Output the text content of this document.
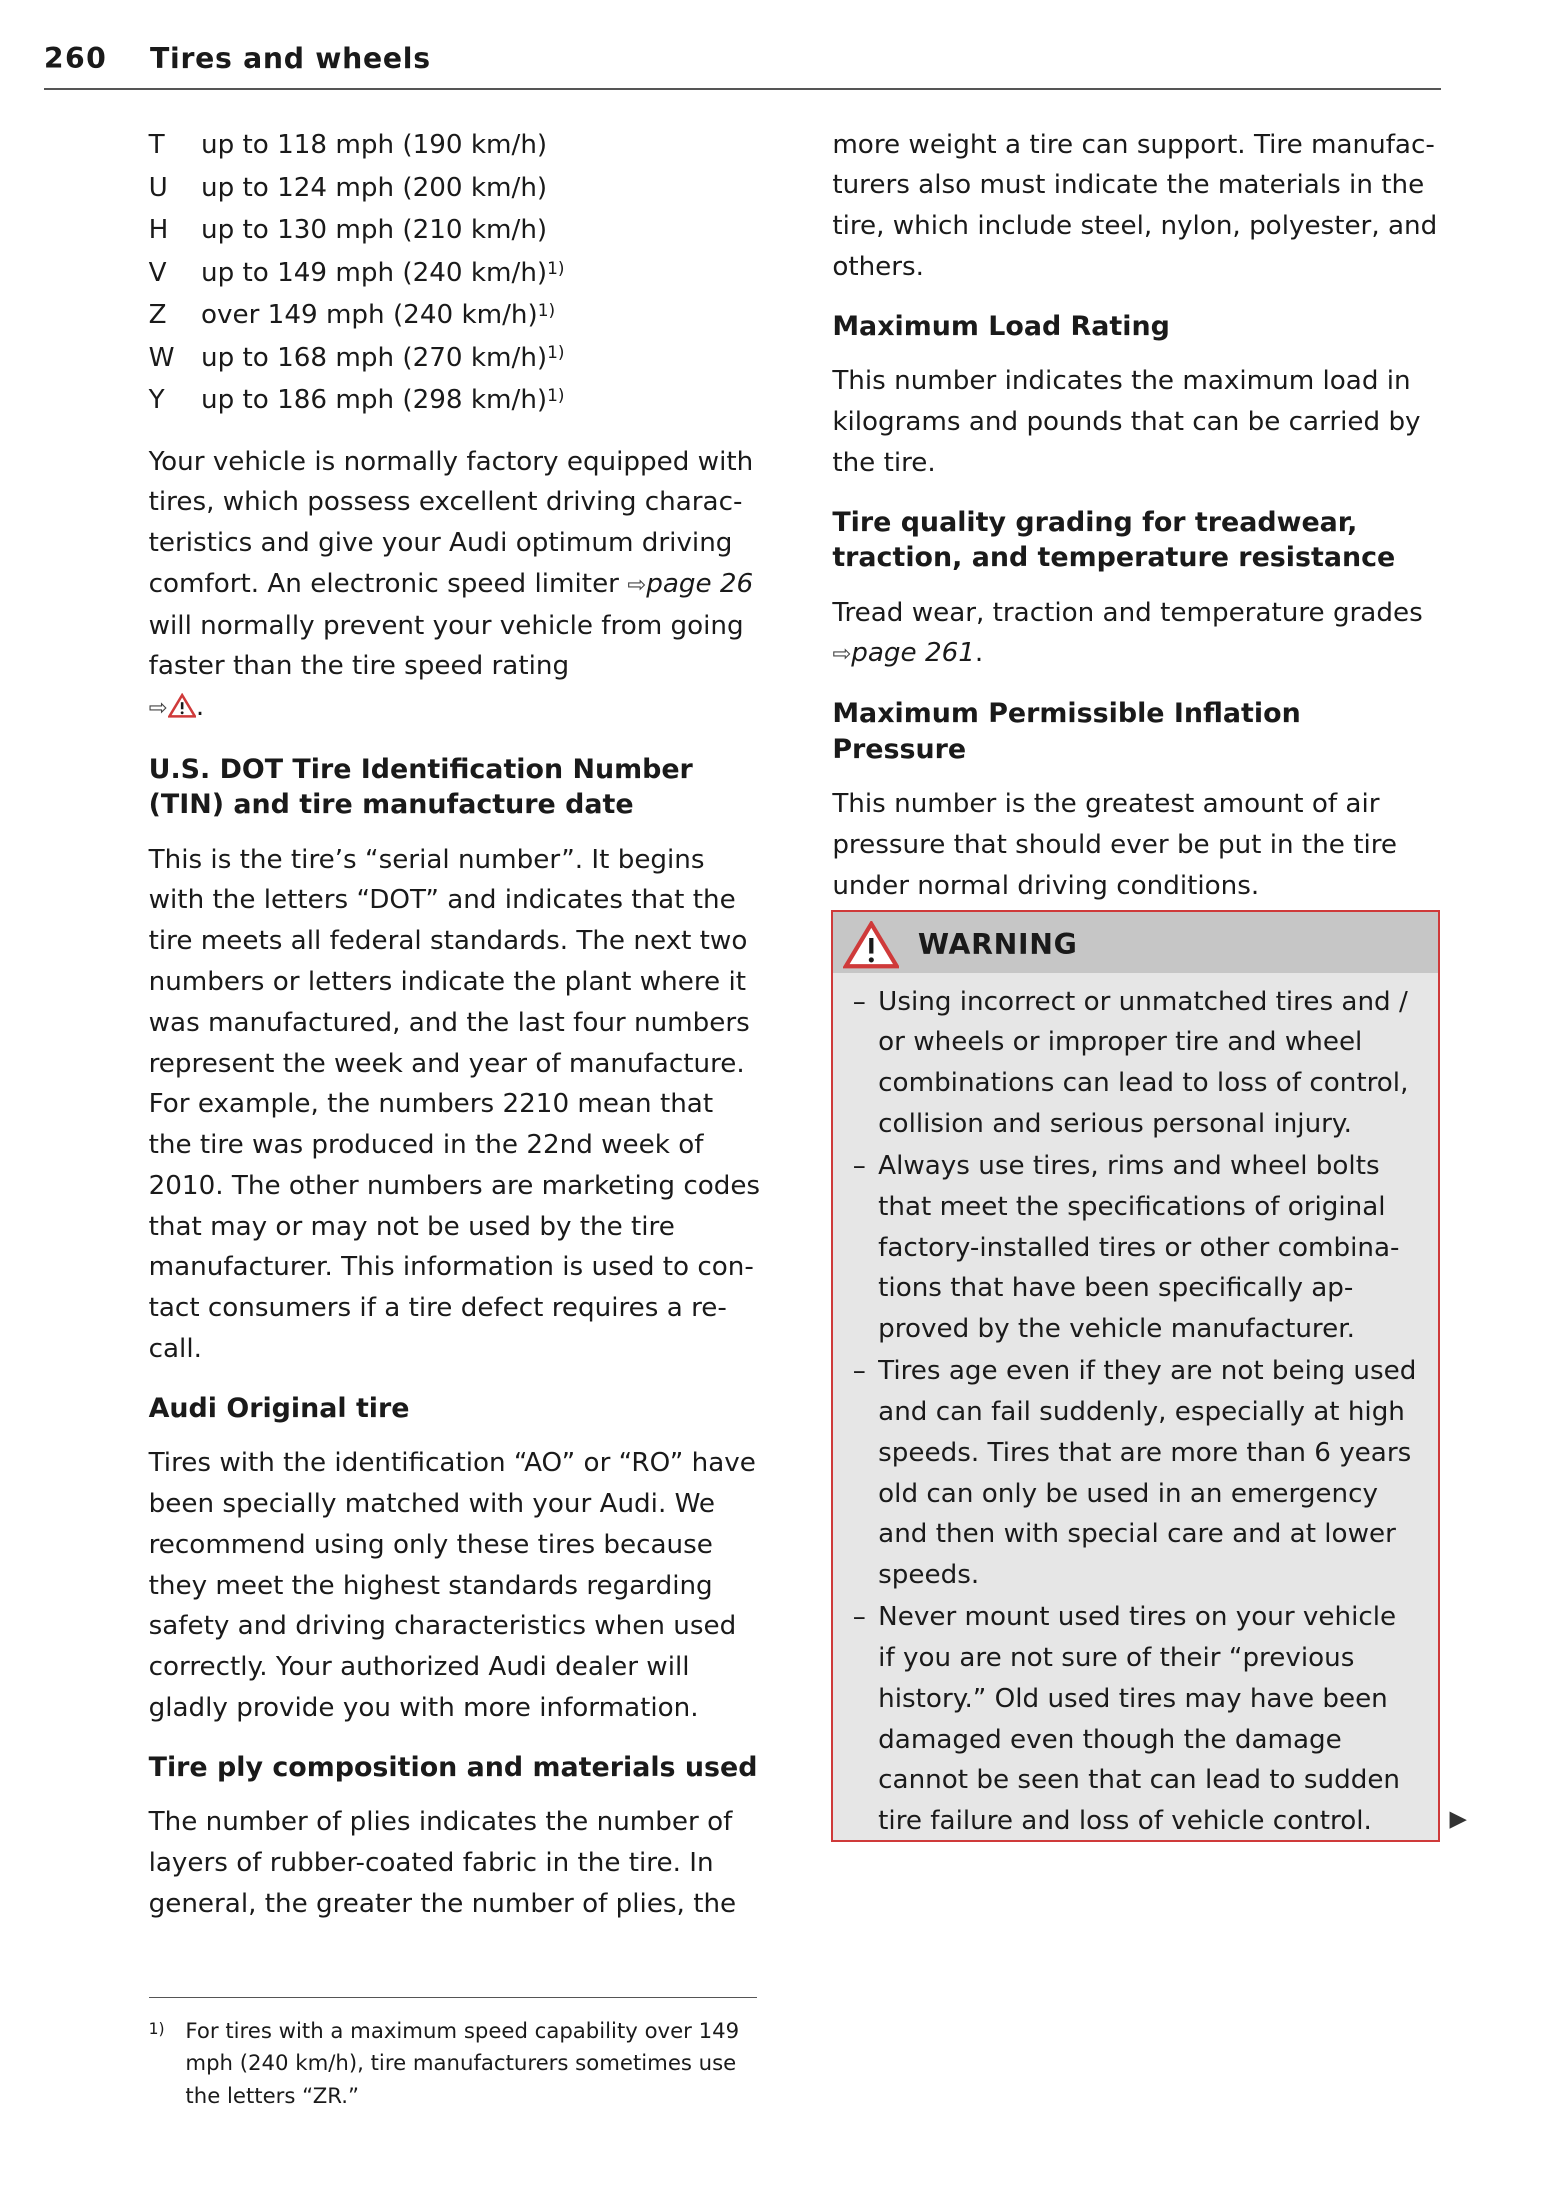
260 Tires and wheels
T	up to 118 mph (190 km/h)
U	up to 124 mph (200 km/h)
H	up to 130 mph (210 km/h)
V	up to 149 mph (240 km/h)$^{1)}$
Z	over 149 mph (240 km/h)$^{1)}$
W	up to 168 mph (270 km/h)$^{1)}$
Y	up to 186 mph (298 km/h)$^{1)}$

Your vehicle is normally factory equipped with tires, which possess excellent driving characteristics and give your Audi optimum driving comfort. An electronic speed limiter ⇨page 26 will normally prevent your vehicle from going faster than the tire speed rating
⇨ .

U.S. DOT Tire Identification Number (TIN) and tire manufacture date

This is the tire’s “serial number”. It begins with the letters “DOT” and indicates that the tire meets all federal standards. The next two numbers or letters indicate the plant where it was manufactured, and the last four numbers represent the week and year of manufacture. For example, the numbers 2210 mean that the tire was produced in the 22nd week of 2010. The other numbers are marketing codes that may or may not be used by the tire manufacturer. This information is used to contact consumers if a tire defect requires a recall.

Audi Original tire

Tires with the identification “AO” or “RO” have been specially matched with your Audi. We recommend using only these tires because they meet the highest standards regarding safety and driving characteristics when used correctly. Your authorized Audi dealer will gladly provide you with more information.

Tire ply composition and materials used

The number of plies indicates the number of layers of rubber-coated fabric in the tire. In general, the greater the number of plies, the

more weight a tire can support. Tire manufacturers also must indicate the materials in the tire, which include steel, nylon, polyester, and others.

Maximum Load Rating

This number indicates the maximum load in kilograms and pounds that can be carried by the tire.

Tire quality grading for treadwear, traction, and temperature resistance

Tread wear, traction and temperature grades
⇨page 261.

Maximum Permissible Inflation Pressure

This number is the greatest amount of air pressure that should ever be put in the tire under normal driving conditions.

WARNING
– Using incorrect or unmatched tires and / or wheels or improper tire and wheel combinations can lead to loss of control, collision and serious personal injury.
– Always use tires, rims and wheel bolts that meet the specifications of original factory-installed tires or other combinations that have been specifically approved by the vehicle manufacturer.
– Tires age even if they are not being used and can fail suddenly, especially at high speeds. Tires that are more than 6 years old can only be used in an emergency and then with special care and at lower speeds.
– Never mount used tires on your vehicle if you are not sure of their “previous history.” Old used tires may have been damaged even though the damage cannot be seen that can lead to sudden tire failure and loss of vehicle control.	▶
1)	For tires with a maximum speed capability over 149 mph (240 km/h), tire manufacturers sometimes use the letters “ZR.”
